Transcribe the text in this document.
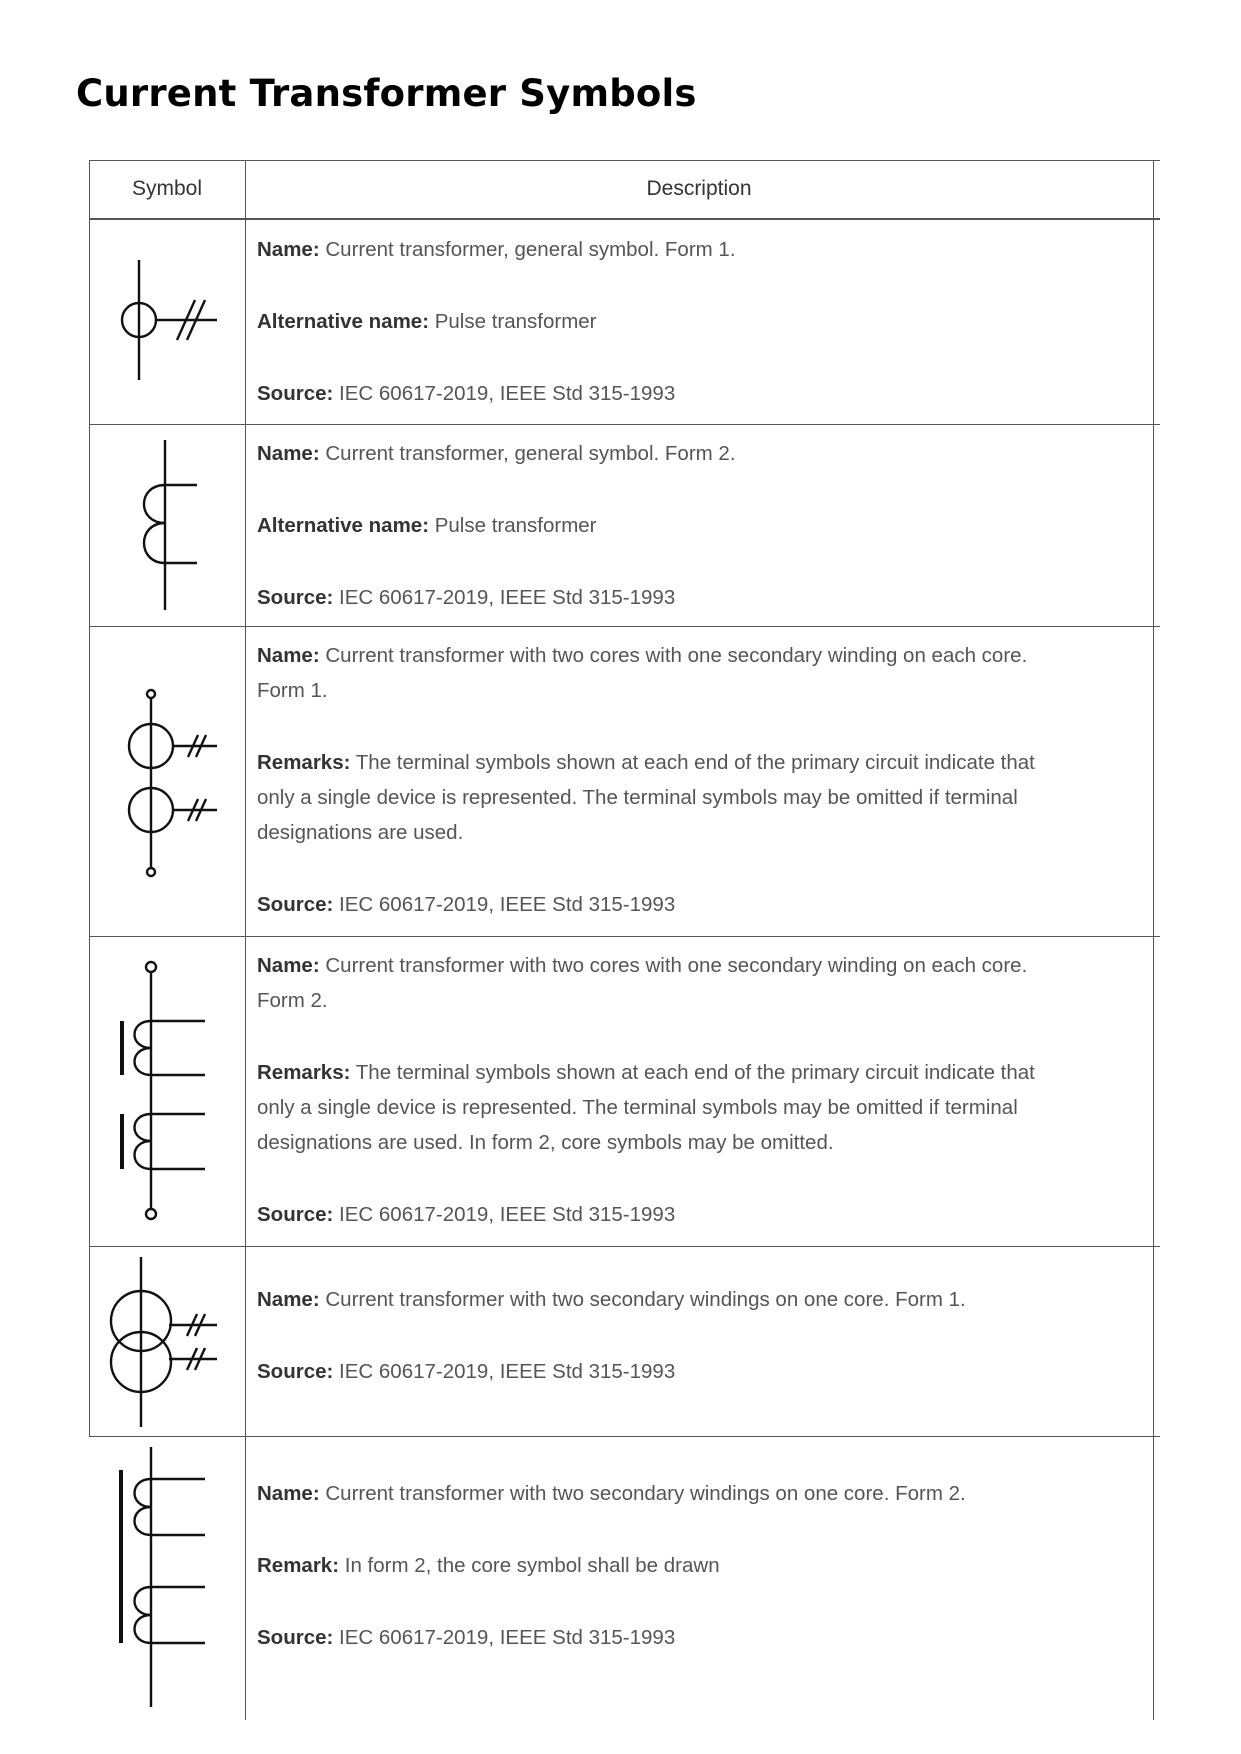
Current Transformer Symbols
Symbol	Description

Name: Current transformer, general symbol. Form 1.

Alternative name: Pulse transformer

Source: IEC 60617-2019, IEEE Std 315-1993

Name: Current transformer, general symbol. Form 2.

Alternative name: Pulse transformer

Source: IEC 60617-2019, IEEE Std 315-1993

Name: Current transformer with two cores with one secondary winding on each core.

Form 1.

Remarks: The terminal symbols shown at each end of the primary circuit indicate that

only a single device is represented. The terminal symbols may be omitted if terminal

designations are used.

Source: IEC 60617-2019, IEEE Std 315-1993

Name: Current transformer with two cores with one secondary winding on each core.

Form 2.

Remarks: The terminal symbols shown at each end of the primary circuit indicate that

only a single device is represented. The terminal symbols may be omitted if terminal

designations are used. In form 2, core symbols may be omitted.

Source: IEC 60617-2019, IEEE Std 315-1993

Name: Current transformer with two secondary windings on one core. Form 1.

Source: IEC 60617-2019, IEEE Std 315-1993

Name: Current transformer with two secondary windings on one core. Form 2.

Remark: In form 2, the core symbol shall be drawn

Source: IEC 60617-2019, IEEE Std 315-1993
